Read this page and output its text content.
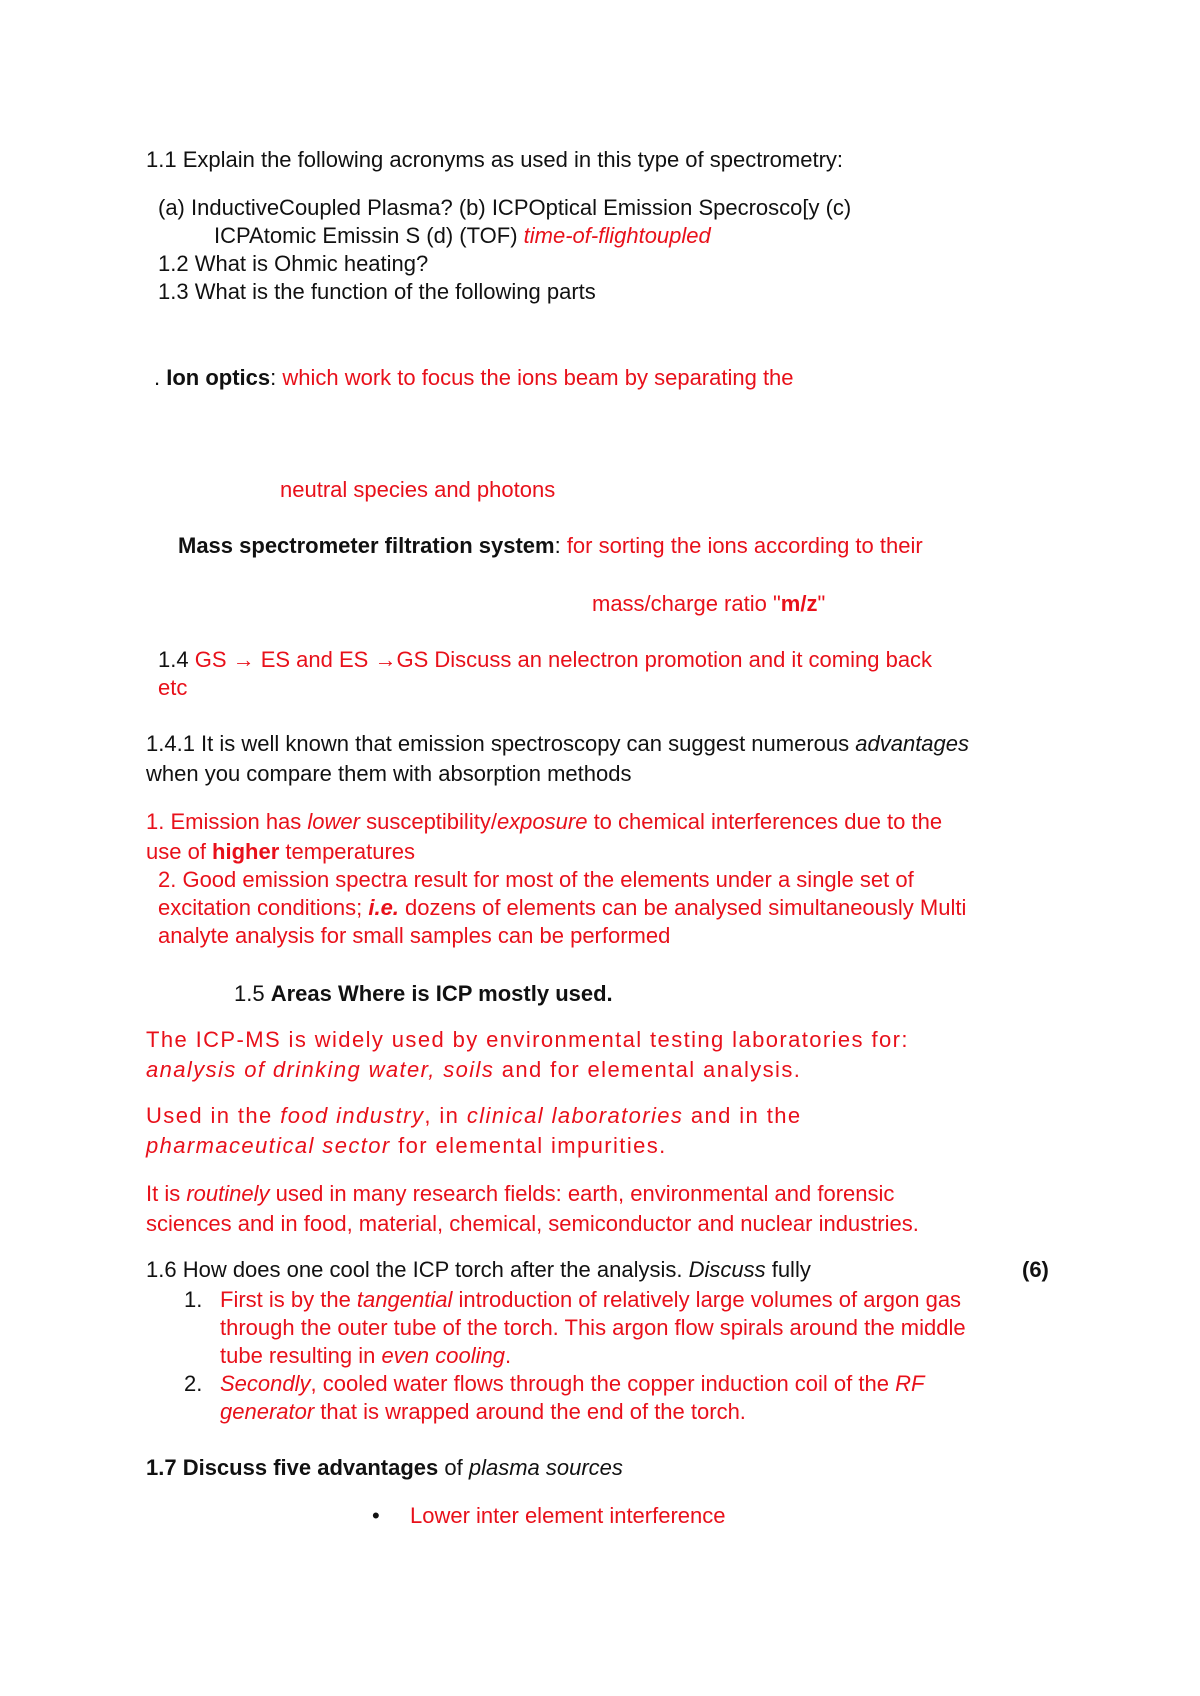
1.1 Explain the following acronyms as used in this type of spectrometry:
(a) InductiveCoupled Plasma? (b) ICPOptical Emission Specrosco[y (c)
ICPAtomic Emissin S (d) (TOF) time-of-flightoupled
1.2 What is Ohmic heating?
1.3 What is the function of the following parts
. Ion optics: which work to focus the ions beam by separating the
neutral species and photons
Mass spectrometer filtration system: for sorting the ions according to their
mass/charge ratio "m/z"
1.4 GS → ES and ES →GS Discuss an nelectron promotion and it coming back
etc
1.4.1 It is well known that emission spectroscopy can suggest numerous advantages
when you compare them with absorption methods
1. Emission has lower susceptibility/exposure to chemical interferences due to the
use of higher temperatures
2. Good emission spectra result for most of the elements under a single set of
excitation conditions; i.e. dozens of elements can be analysed simultaneously Multi
analyte analysis for small samples can be performed
1.5 Areas Where is ICP mostly used.
The ICP-MS is widely used by environmental testing laboratories for:
analysis of drinking water, soils and for elemental analysis.
Used in the food industry, in clinical laboratories and in the
pharmaceutical sector for elemental impurities.
It is routinely used in many research fields: earth, environmental and forensic
sciences and in food, material, chemical, semiconductor and nuclear industries.
1.6 How does one cool the ICP torch after the analysis. Discuss fully	(6)
1. First is by the tangential introduction of relatively large volumes of argon gas
through the outer tube of the torch. This argon flow spirals around the middle
tube resulting in even cooling.
2. Secondly, cooled water flows through the copper induction coil of the RF
generator that is wrapped around the end of the torch.
1.7 Discuss five advantages of plasma sources
• Lower inter element interference
